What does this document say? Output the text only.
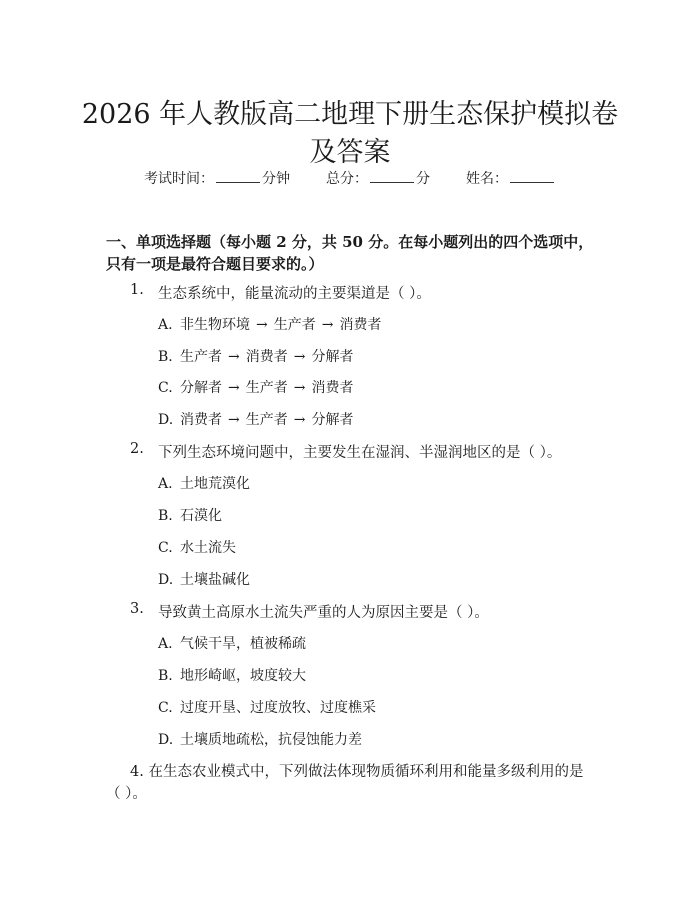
2026 年人教版高二地理下册生态保护模拟卷及答案
考试时间：	分钟	总分：	分	姓名：
一、单项选择题（每小题 2 分，共 50 分。在每小题列出的四个选项中，只有一项是最符合题目要求的。）
1. 生态系统中，能量流动的主要渠道是（ ）。
A. 非生物环境 → 生产者 → 消费者
B. 生产者 → 消费者 → 分解者
C. 分解者 → 生产者 → 消费者
D. 消费者 → 生产者 → 分解者
2. 下列生态环境问题中，主要发生在湿润、半湿润地区的是（ ）。
A. 土地荒漠化
B. 石漠化
C. 水土流失
D. 土壤盐碱化
3. 导致黄土高原水土流失严重的人为原因主要是（ ）。
A. 气候干旱，植被稀疏
B. 地形崎岖，坡度较大
C. 过度开垦、过度放牧、过度樵采
D. 土壤质地疏松，抗侵蚀能力差
4. 在生态农业模式中，下列做法体现物质循环利用和能量多级利用的是（ ）。
